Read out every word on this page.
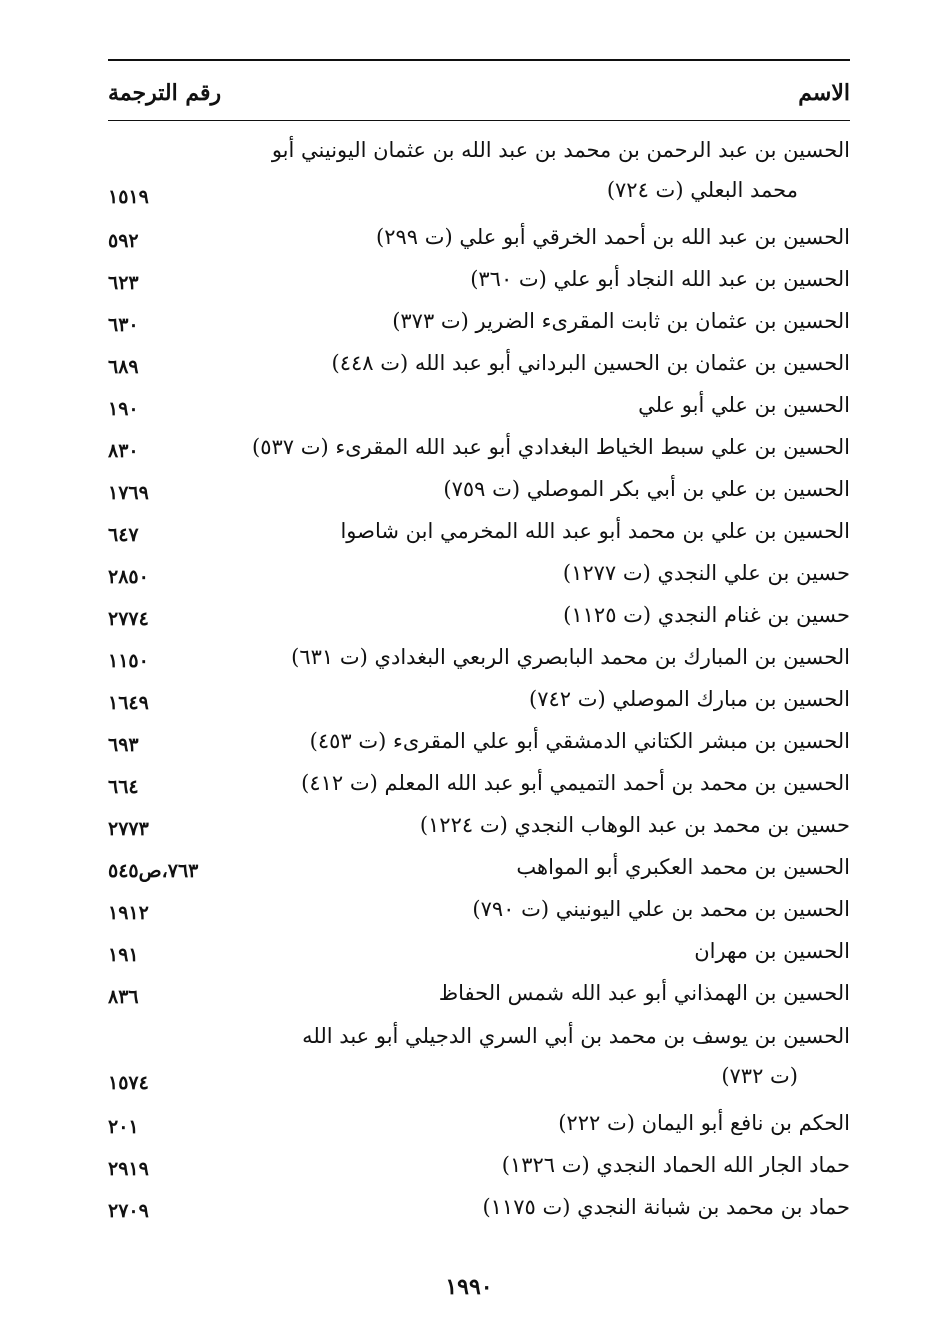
الاسم
رقم الترجمة
الحسين بن عبد الرحمن بن محمد بن عبد الله بن عثمان اليونيني أبو
محمد البعلي (ت ٧٢٤)
١٥١٩
الحسين بن عبد الله بن أحمد الخرقي أبو علي (ت ٢٩٩)
٥٩٢
الحسين بن عبد الله النجاد أبو علي (ت ٣٦٠)
٦٢٣
الحسين بن عثمان بن ثابت المقرىء الضرير (ت ٣٧٣)
٦٣٠
الحسين بن عثمان بن الحسين البرداني أبو عبد الله (ت ٤٤٨)
٦٨٩
الحسين بن علي أبو علي
١٩٠
الحسين بن علي سبط الخياط البغدادي أبو عبد الله المقرىء (ت ٥٣٧)
٨٣٠
الحسين بن علي بن أبي بكر الموصلي (ت ٧٥٩)
١٧٦٩
الحسين بن علي بن محمد أبو عبد الله المخرمي ابن شاصوا
٦٤٧
حسين بن علي النجدي (ت ١٢٧٧)
٢٨٥٠
حسين بن غنام النجدي (ت ١١٢٥)
٢٧٧٤
الحسين بن المبارك بن محمد البابصري الربعي البغدادي (ت ٦٣١)
١١٥٠
الحسين بن مبارك الموصلي (ت ٧٤٢)
١٦٤٩
الحسين بن مبشر الكتاني الدمشقي أبو علي المقرىء (ت ٤٥٣)
٦٩٣
الحسين بن محمد بن أحمد التميمي أبو عبد الله المعلم (ت ٤١٢)
٦٦٤
حسين بن محمد بن عبد الوهاب النجدي (ت ١٢٢٤)
٢٧٧٣
الحسين بن محمد العكبري أبو المواهب
٧٦٣،ص٥٤٥
الحسين بن محمد بن علي اليونيني (ت ٧٩٠)
١٩١٢
الحسين بن مهران
١٩١
الحسين بن الهمذاني أبو عبد الله شمس الحفاظ
٨٣٦
الحسين بن يوسف بن محمد بن أبي السري الدجيلي أبو عبد الله
(ت ٧٣٢)
١٥٧٤
الحكم بن نافع أبو اليمان (ت ٢٢٢)
٢٠١
حماد الجار الله الحماد النجدي (ت ١٣٢٦)
٢٩١٩
حماد بن محمد بن شبانة النجدي (ت ١١٧٥)
٢٧٠٩
١٩٩٠
